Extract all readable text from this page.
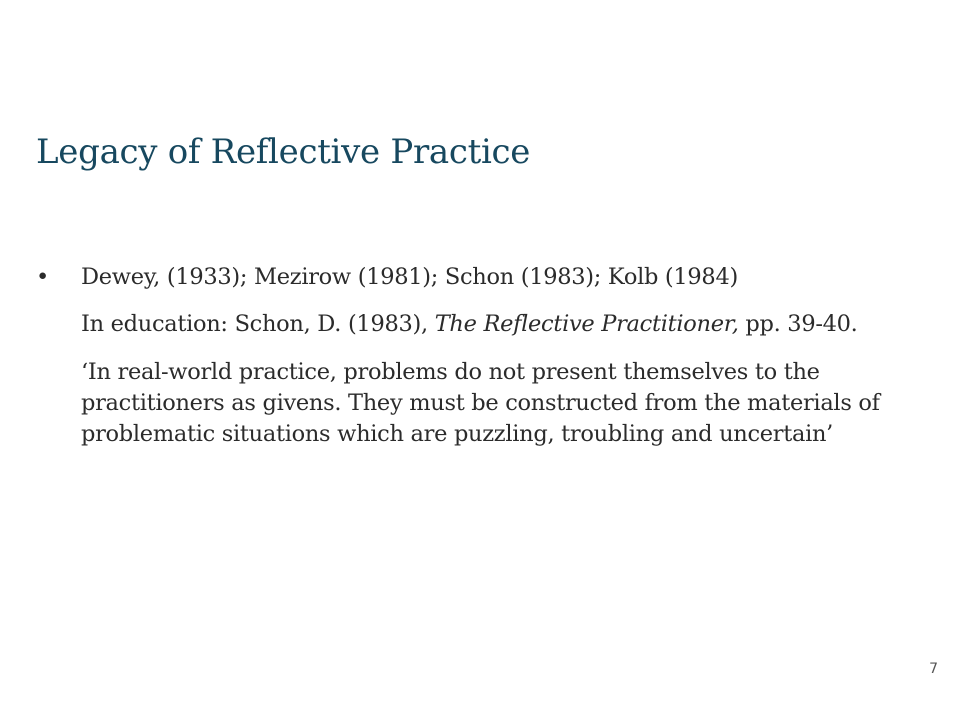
Legacy of Reflective Practice
•	Dewey, (1933); Mezirow (1981); Schon (1983); Kolb (1984)
In education: Schon, D. (1983), The Reflective Practitioner, pp. 39-40.
‘In real-world practice, problems do not present themselves to the practitioners as givens. They must be constructed from the materials of problematic situations which are puzzling, troubling and uncertain’
7
